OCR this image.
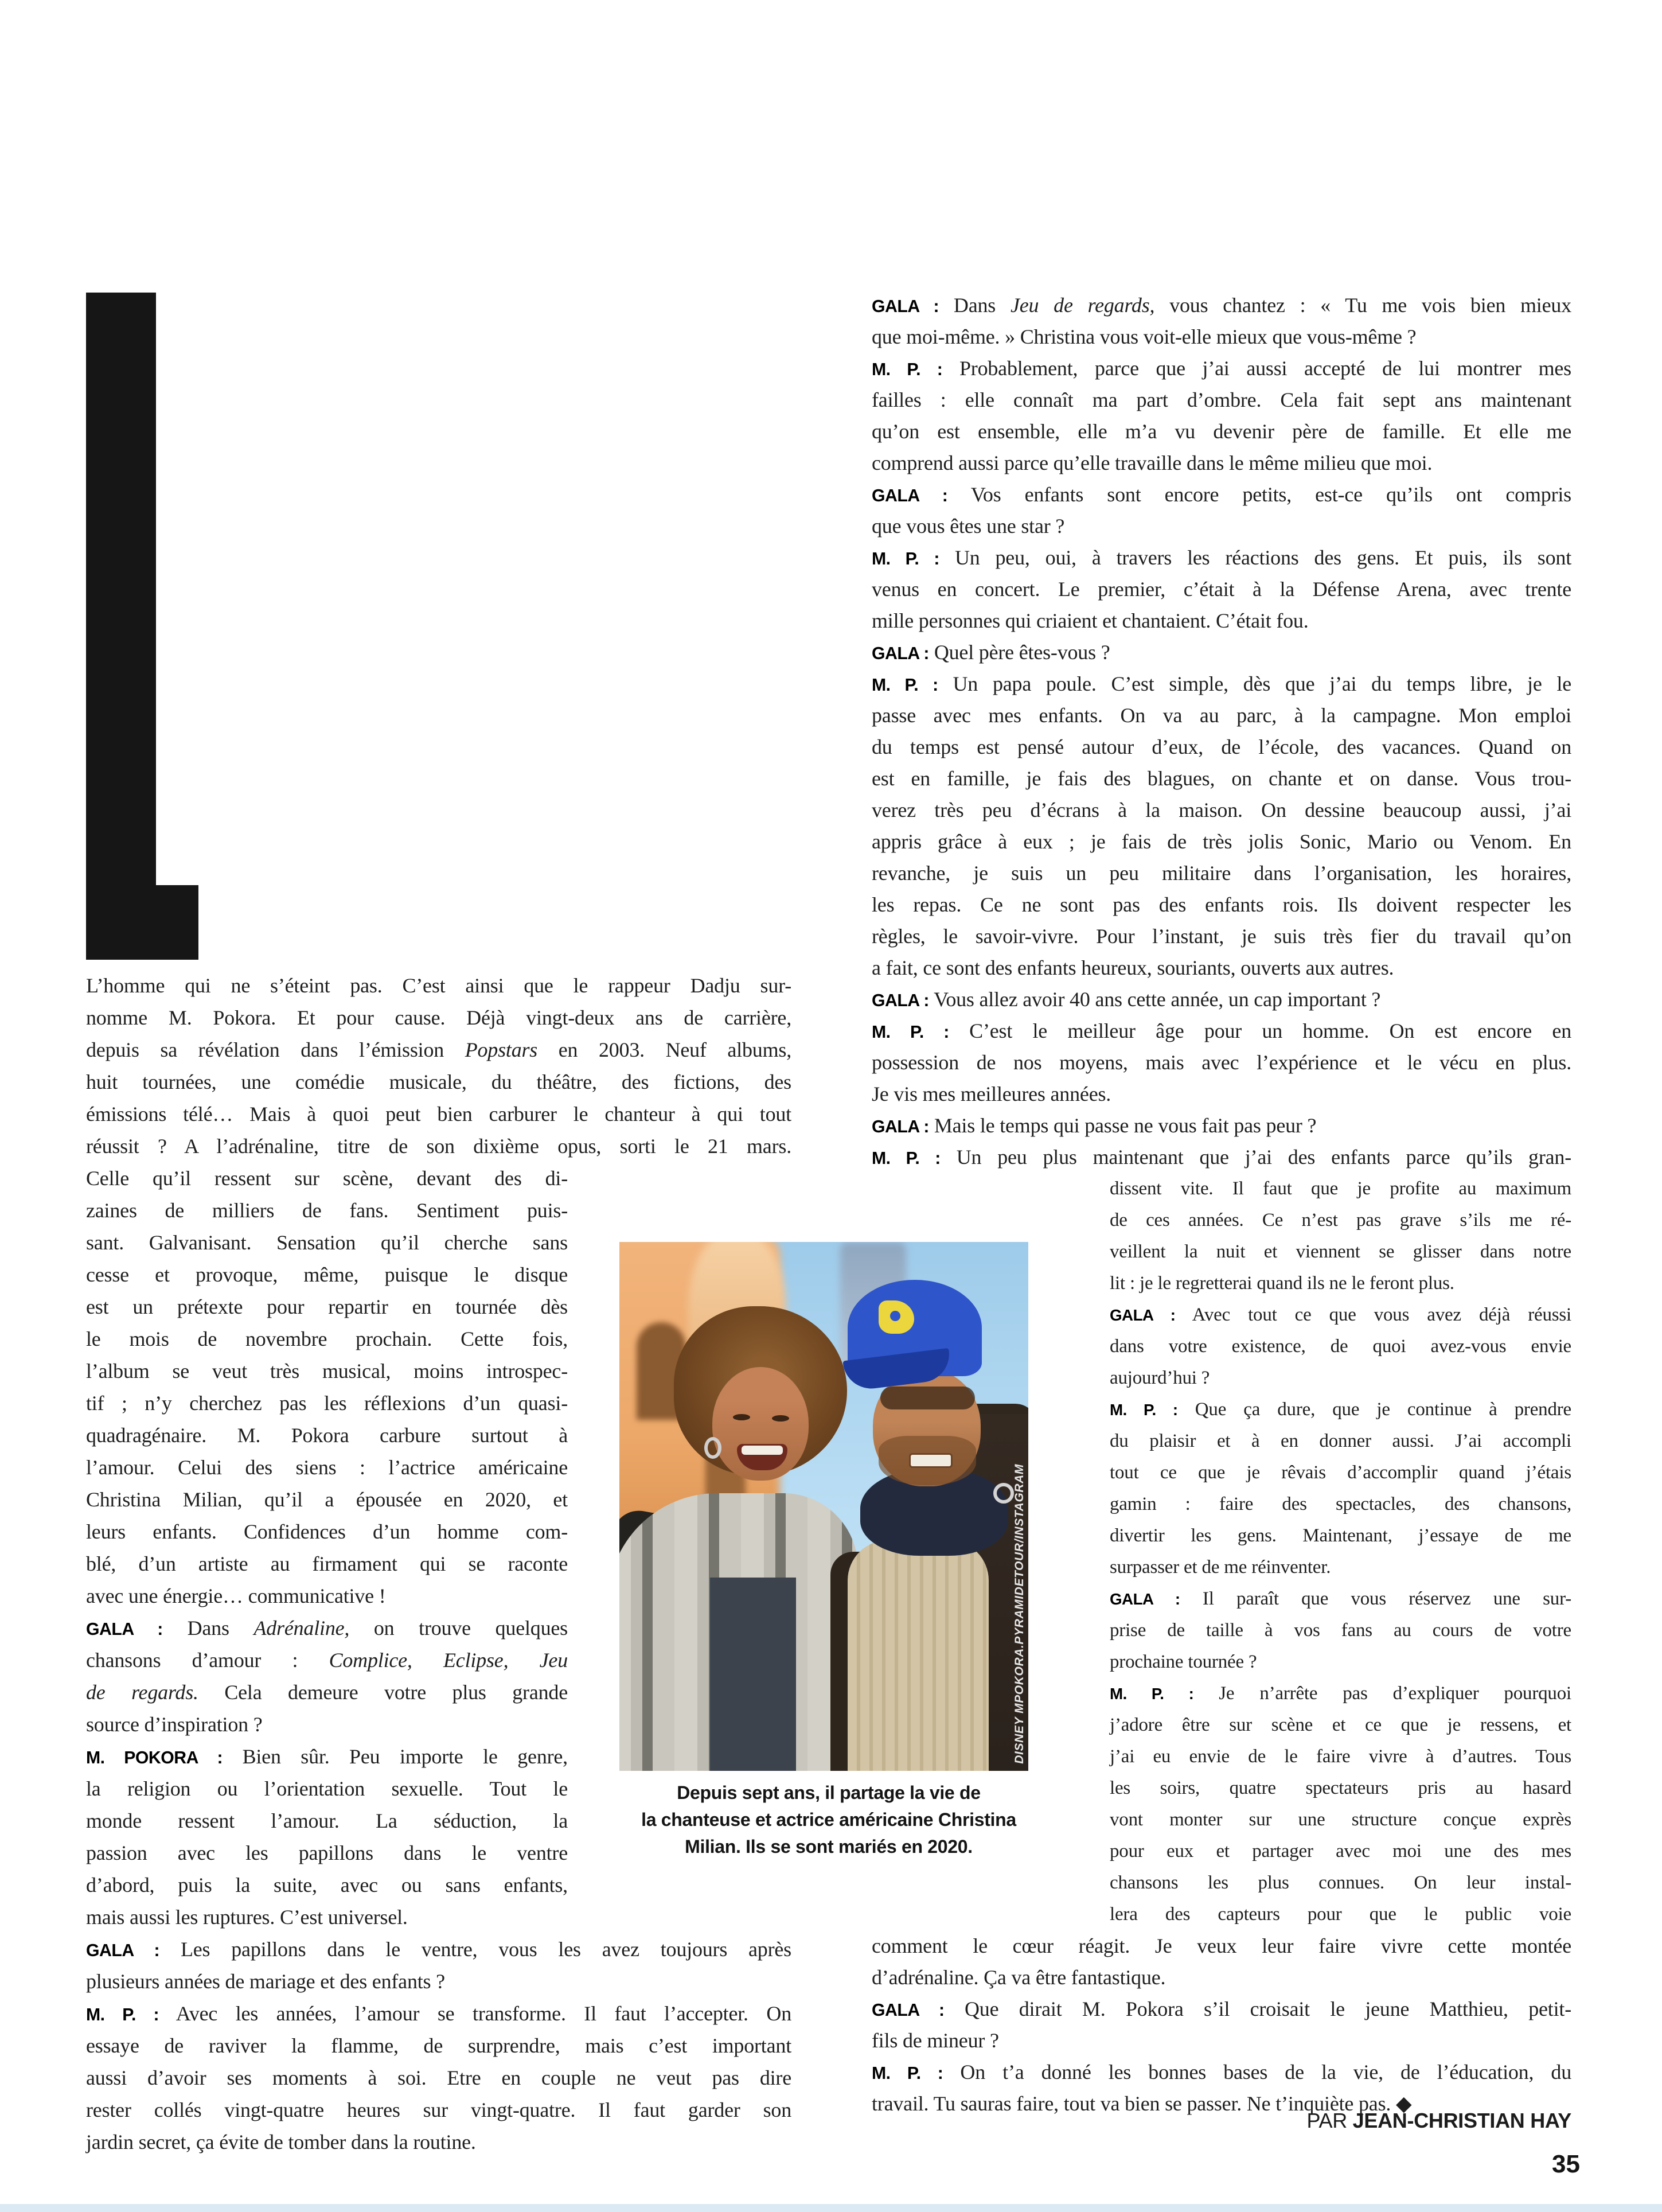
L’homme qui ne s’éteint pas. C’est ainsi que le rappeur Dadju sur-
nomme M. Pokora. Et pour cause. Déjà vingt-deux ans de carrière,
depuis sa révélation dans l’émission Popstars en 2003. Neuf albums,
huit tournées, une comédie musicale, du théâtre, des fictions, des
émissions télé… Mais à quoi peut bien carburer le chanteur à qui tout
réussit ? A l’adrénaline, titre de son dixième opus, sorti le 21 mars.
Celle qu’il ressent sur scène, devant des di-
zaines de milliers de fans. Sentiment puis-
sant. Galvanisant. Sensation qu’il cherche sans
cesse et provoque, même, puisque le disque
est un prétexte pour repartir en tournée dès
le mois de novembre prochain. Cette fois,
l’album se veut très musical, moins introspec-
tif ; n’y cherchez pas les réflexions d’un quasi-
quadragénaire. M. Pokora carbure surtout à
l’amour. Celui des siens : l’actrice américaine
Christina Milian, qu’il a épousée en 2020, et
leurs enfants. Confidences d’un homme com-
blé, d’un artiste au firmament qui se raconte
avec une énergie… communicative !
GALA : Dans Adrénaline, on trouve quelques
chansons d’amour : Complice, Eclipse, Jeu
de regards. Cela demeure votre plus grande
source d’inspiration ?
M. POKORA : Bien sûr. Peu importe le genre,
la religion ou l’orientation sexuelle. Tout le
monde ressent l’amour. La séduction, la
passion avec les papillons dans le ventre
d’abord, puis la suite, avec ou sans enfants,
mais aussi les ruptures. C’est universel.
GALA : Les papillons dans le ventre, vous les avez toujours après
plusieurs années de mariage et des enfants ?
M. P. : Avec les années, l’amour se transforme. Il faut l’accepter. On
essaye de raviver la flamme, de surprendre, mais c’est important
aussi d’avoir ses moments à soi. Etre en couple ne veut pas dire
rester collés vingt-quatre heures sur vingt-quatre. Il faut garder son
jardin secret, ça évite de tomber dans la routine.
GALA : Dans Jeu de regards, vous chantez : « Tu me vois bien mieux
que moi-même. » Christina vous voit-elle mieux que vous-même ?
M. P. : Probablement, parce que j’ai aussi accepté de lui montrer mes
failles : elle connaît ma part d’ombre. Cela fait sept ans maintenant
qu’on est ensemble, elle m’a vu devenir père de famille. Et elle me
comprend aussi parce qu’elle travaille dans le même milieu que moi.
GALA : Vos enfants sont encore petits, est-ce qu’ils ont compris
que vous êtes une star ?
M. P. : Un peu, oui, à travers les réactions des gens. Et puis, ils sont
venus en concert. Le premier, c’était à la Défense Arena, avec trente
mille personnes qui criaient et chantaient. C’était fou.
GALA : Quel père êtes-vous ?
M. P. : Un papa poule. C’est simple, dès que j’ai du temps libre, je le
passe avec mes enfants. On va au parc, à la campagne. Mon emploi
du temps est pensé autour d’eux, de l’école, des vacances. Quand on
est en famille, je fais des blagues, on chante et on danse. Vous trou-
verez très peu d’écrans à la maison. On dessine beaucoup aussi, j’ai
appris grâce à eux ; je fais de très jolis Sonic, Mario ou Venom. En
revanche, je suis un peu militaire dans l’organisation, les horaires,
les repas. Ce ne sont pas des enfants rois. Ils doivent respecter les
règles, le savoir-vivre. Pour l’instant, je suis très fier du travail qu’on
a fait, ce sont des enfants heureux, souriants, ouverts aux autres.
GALA : Vous allez avoir 40 ans cette année, un cap important ?
M. P. : C’est le meilleur âge pour un homme. On est encore en
possession de nos moyens, mais avec l’expérience et le vécu en plus.
Je vis mes meilleures années.
GALA : Mais le temps qui passe ne vous fait pas peur ?
M. P. : Un peu plus maintenant que j’ai des enfants parce qu’ils gran-
dissent vite. Il faut que je profite au maximum
de ces années. Ce n’est pas grave s’ils me ré-
veillent la nuit et viennent se glisser dans notre
lit : je le regretterai quand ils ne le feront plus.
GALA : Avec tout ce que vous avez déjà réussi
dans votre existence, de quoi avez-vous envie
aujourd’hui ?
M. P. : Que ça dure, que je continue à prendre
du plaisir et à en donner aussi. J’ai accompli
tout ce que je rêvais d’accomplir quand j’étais
gamin : faire des spectacles, des chansons,
divertir les gens. Maintenant, j’essaye de me
surpasser et de me réinventer.
GALA : Il paraît que vous réservez une sur-
prise de taille à vos fans au cours de votre
prochaine tournée ?
M. P. : Je n’arrête pas d’expliquer pourquoi
j’adore être sur scène et ce que je ressens, et
j’ai eu envie de le faire vivre à d’autres. Tous
les soirs, quatre spectateurs pris au hasard
vont monter sur une structure conçue exprès
pour eux et partager avec moi une des mes
chansons les plus connues. On leur instal-
lera des capteurs pour que le public voie
comment le cœur réagit. Je veux leur faire vivre cette montée
d’adrénaline. Ça va être fantastique.
GALA : Que dirait M. Pokora s’il croisait le jeune Matthieu, petit-
fils de mineur ?
M. P. : On t’a donné les bonnes bases de la vie, de l’éducation, du
travail. Tu sauras faire, tout va bien se passer. Ne t’inquiète pas. ◆
DISNEY MPOKORA.PYRAMIDETOUR/INSTAGRAM
Depuis sept ans, il partage la vie de
la chanteuse et actrice américaine Christina
Milian. Ils se sont mariés en 2020.
PAR JEAN-CHRISTIAN HAY
35
